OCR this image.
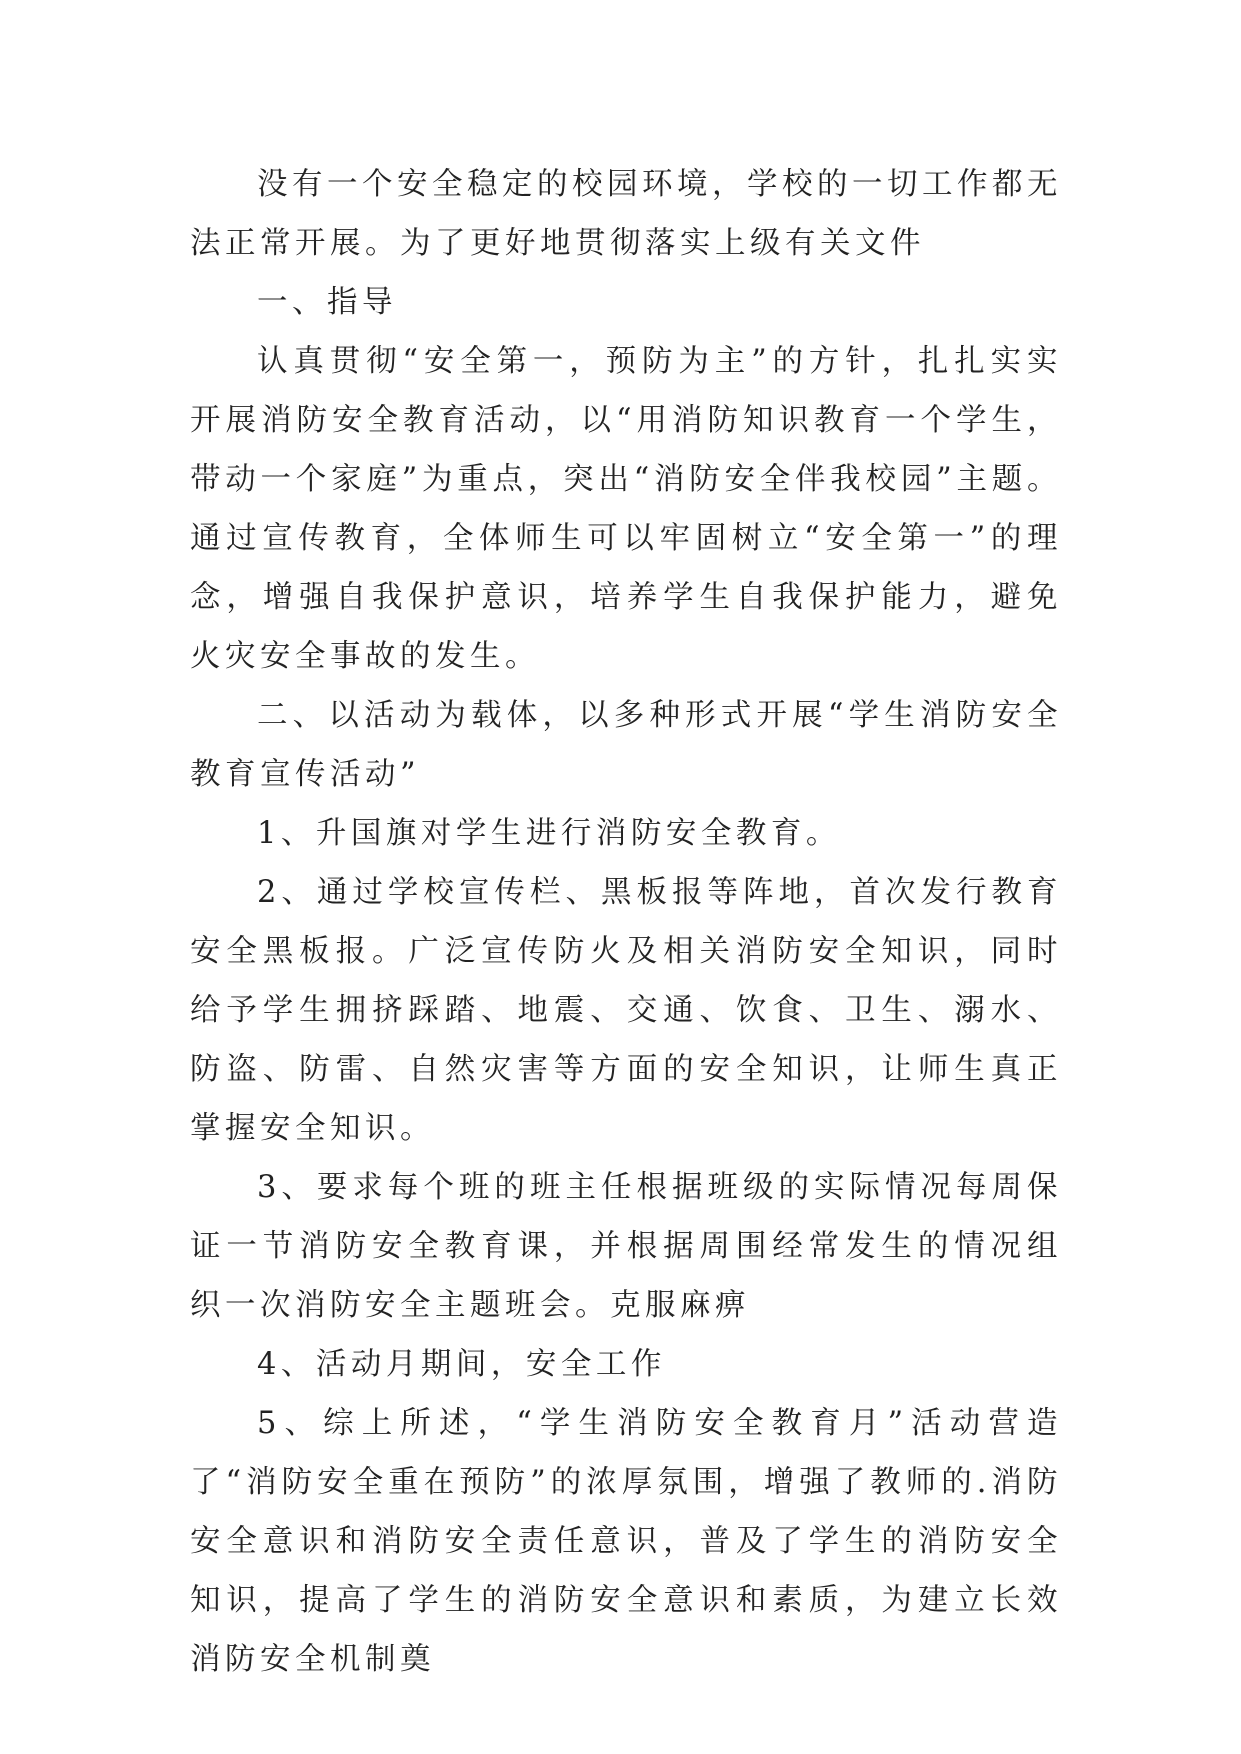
没有一个安全稳定的校园环境，学校的一切工作都无法正常开展。为了更好地贯彻落实上级有关文件

一、指导

认真贯彻“安全第一，预防为主”的方针，扎扎实实开展消防安全教育活动，以“用消防知识教育一个学生，带动一个家庭”为重点，突出“消防安全伴我校园”主题。通过宣传教育，全体师生可以牢固树立“安全第一”的理念，增强自我保护意识，培养学生自我保护能力，避免火灾安全事故的发生。

二、以活动为载体，以多种形式开展“学生消防安全教育宣传活动”

1、升国旗对学生进行消防安全教育。

2、通过学校宣传栏、黑板报等阵地，首次发行教育安全黑板报。广泛宣传防火及相关消防安全知识，同时给予学生拥挤踩踏、地震、交通、饮食、卫生、溺水、防盗、防雷、自然灾害等方面的安全知识，让师生真正掌握安全知识。

3、要求每个班的班主任根据班级的实际情况每周保证一节消防安全教育课，并根据周围经常发生的情况组织一次消防安全主题班会。克服麻痹

4、活动月期间，安全工作

5、综上所述，“学生消防安全教育月”活动营造了“消防安全重在预防”的浓厚氛围，增强了教师的.消防安全意识和消防安全责任意识，普及了学生的消防安全知识，提高了学生的消防安全意识和素质，为建立长效消防安全机制奠
